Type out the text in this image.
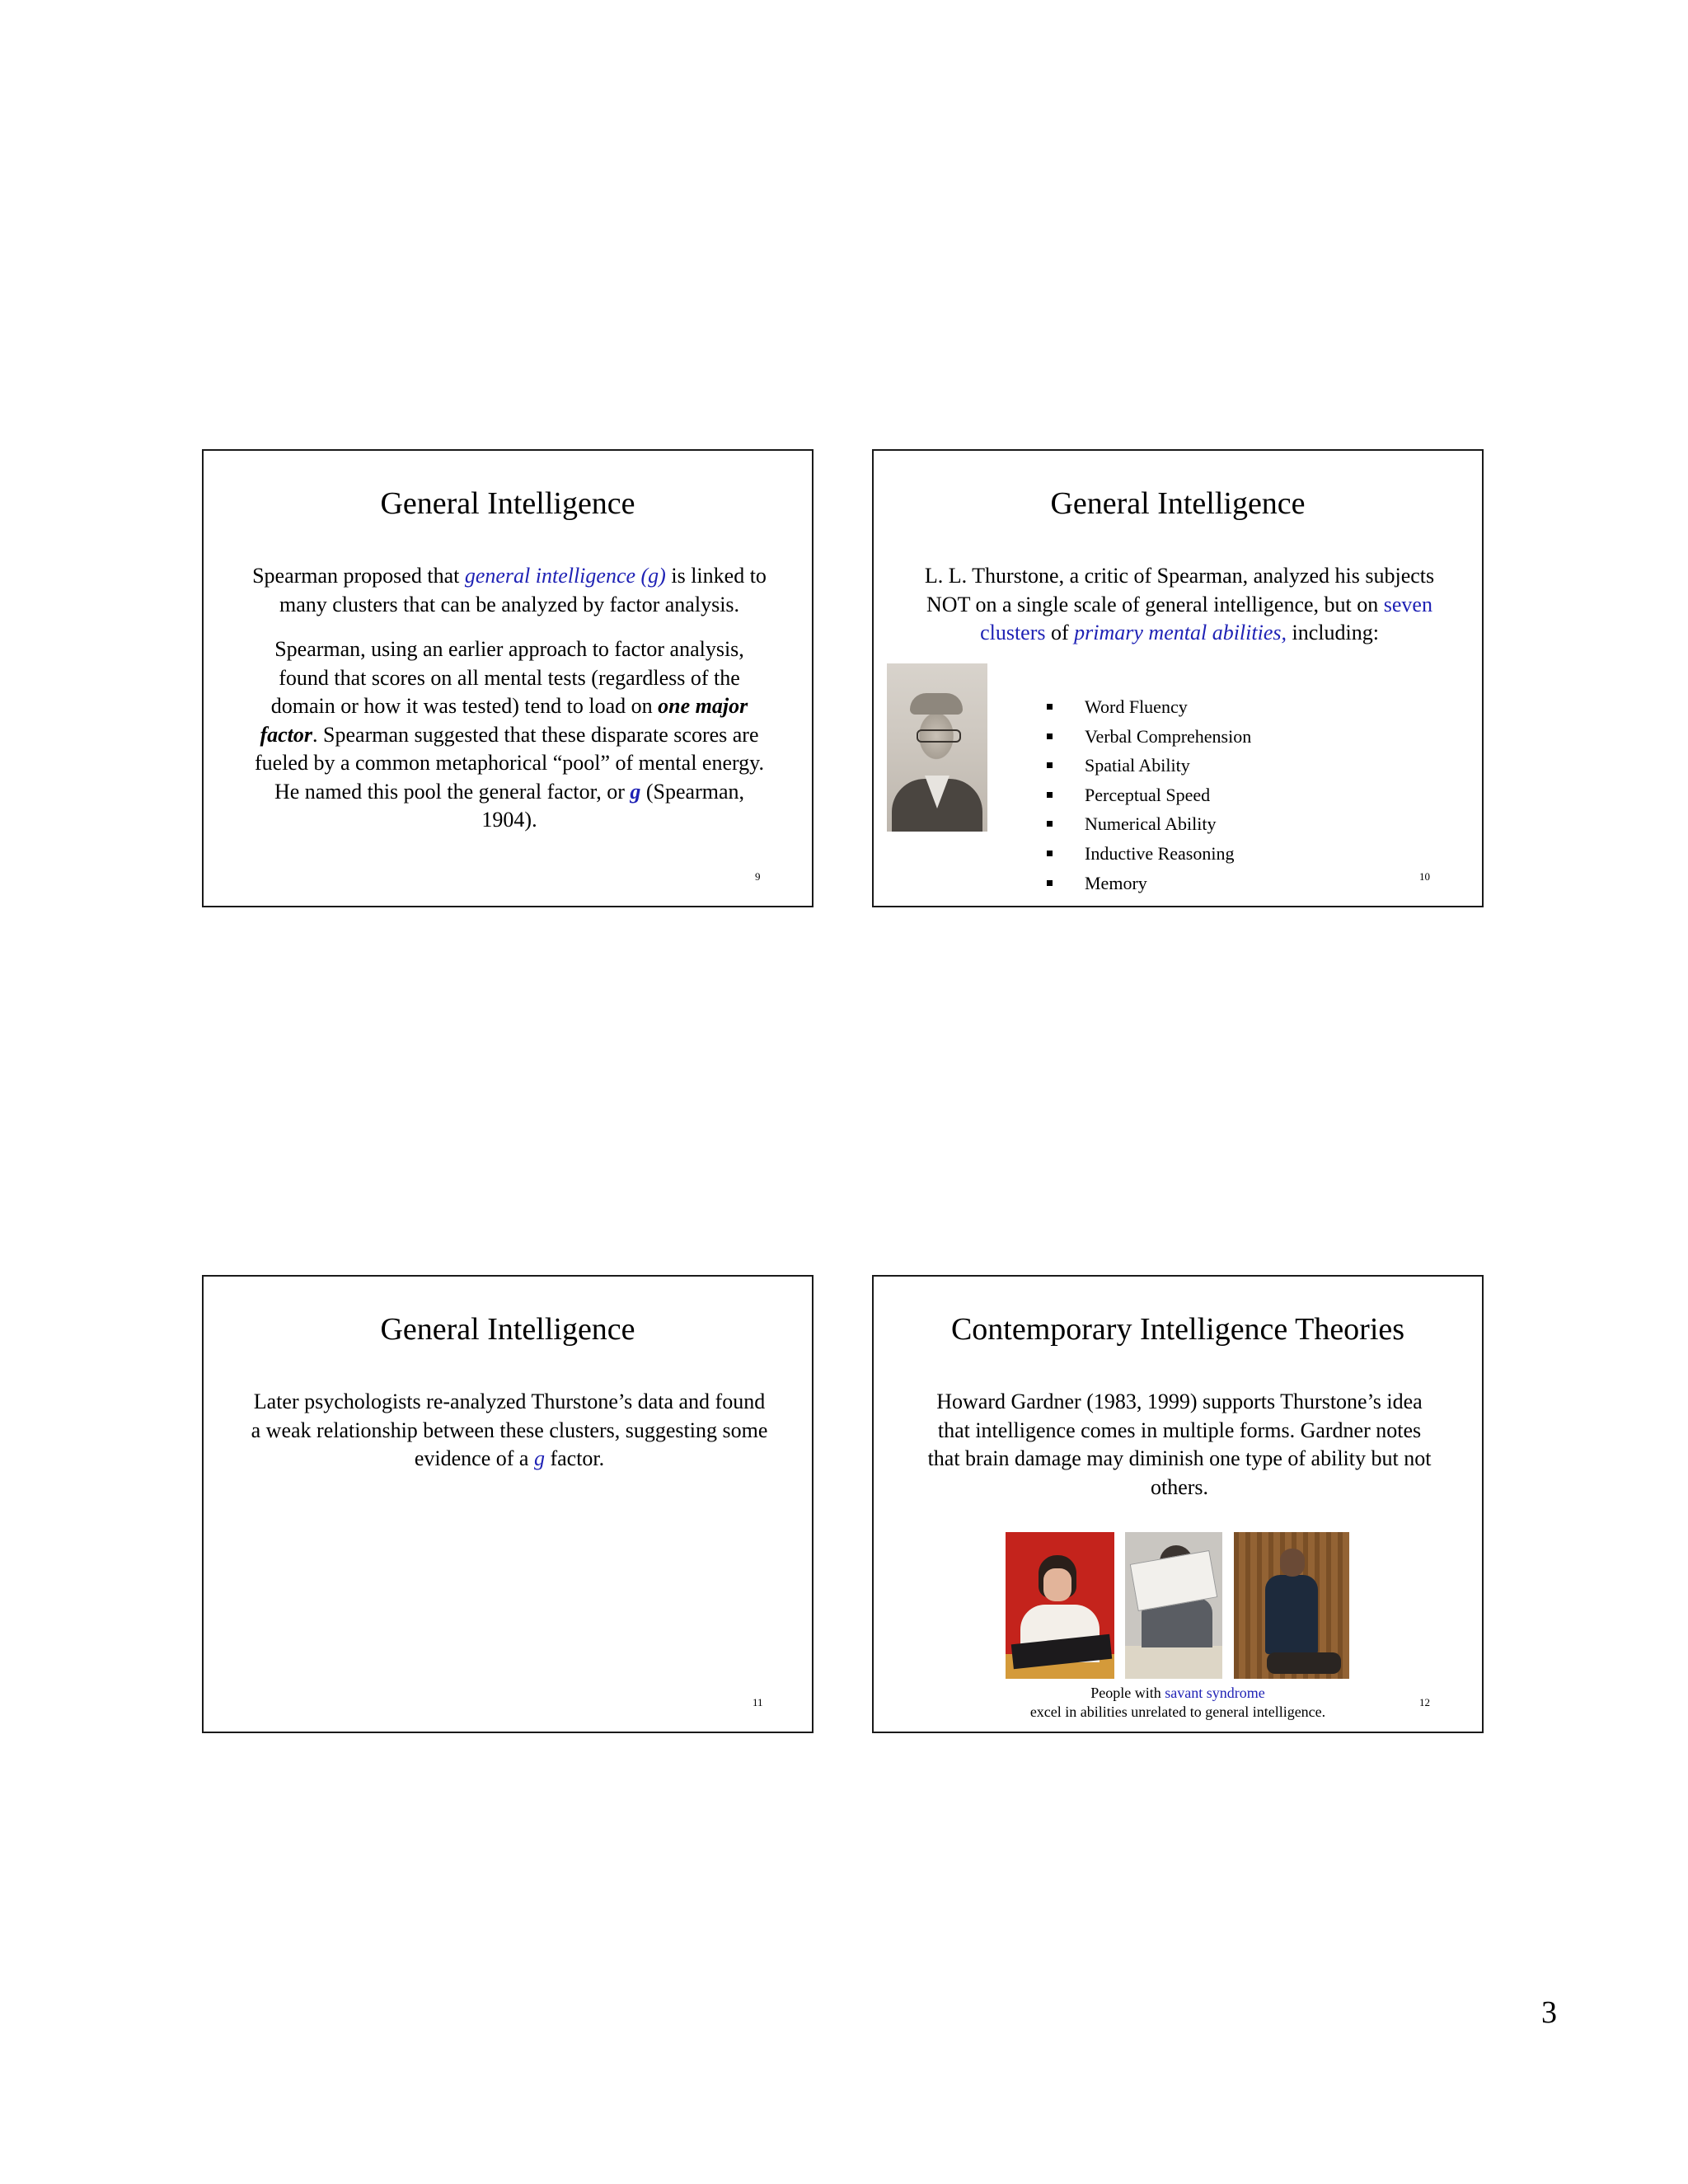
General Intelligence

Spearman proposed that general intelligence (g) is linked to many clusters that can be analyzed by factor analysis.

Spearman, using an earlier approach to factor analysis, found that scores on all mental tests (regardless of the domain or how it was tested) tend to load on one major factor. Spearman suggested that these disparate scores are fueled by a common metaphorical “pool” of mental energy. He named this pool the general factor, or g (Spearman, 1904).

9
General Intelligence

L. L. Thurstone, a critic of Spearman, analyzed his subjects NOT on a single scale of general intelligence, but on seven clusters of primary mental abilities, including:

Word Fluency
Verbal Comprehension
Spatial Ability
Perceptual Speed
Numerical Ability
Inductive Reasoning
Memory	10
General Intelligence

Later psychologists re-analyzed Thurstone’s data and found a weak relationship between these clusters, suggesting some evidence of a g factor.

11
Contemporary Intelligence Theories

Howard Gardner (1983, 1999) supports Thurstone’s idea that intelligence comes in multiple forms. Gardner notes that brain damage may diminish one type of ability but not others.

People with savant syndrome
excel in abilities unrelated to general intelligence.
12
3
